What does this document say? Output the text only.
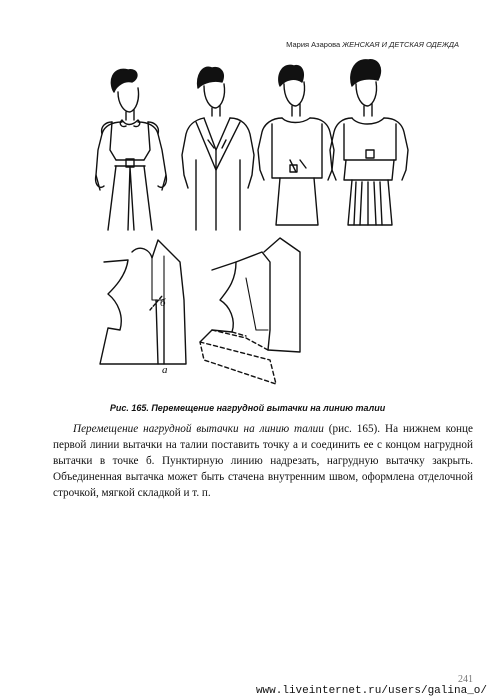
Мария Азарова ЖЕНСКАЯ И ДЕТСКАЯ ОДЕЖДА
б
а
Рис. 165. Перемещение нагрудной вытачки на линию талии

Перемещение нагрудной вытачки на линию талии (рис. 165). На нижнем конце первой линии вытачки на талии поставить точку а и соединить ее с концом нагрудной вытачки в точке б. Пунктирную линию надрезать, нагрудную вытачку закрыть. Объединенная вытачка может быть стачена внутренним швом, оформлена отделочной строчкой, мягкой складкой и т. п.

241
www.liveinternet.ru/users/galina_o/
